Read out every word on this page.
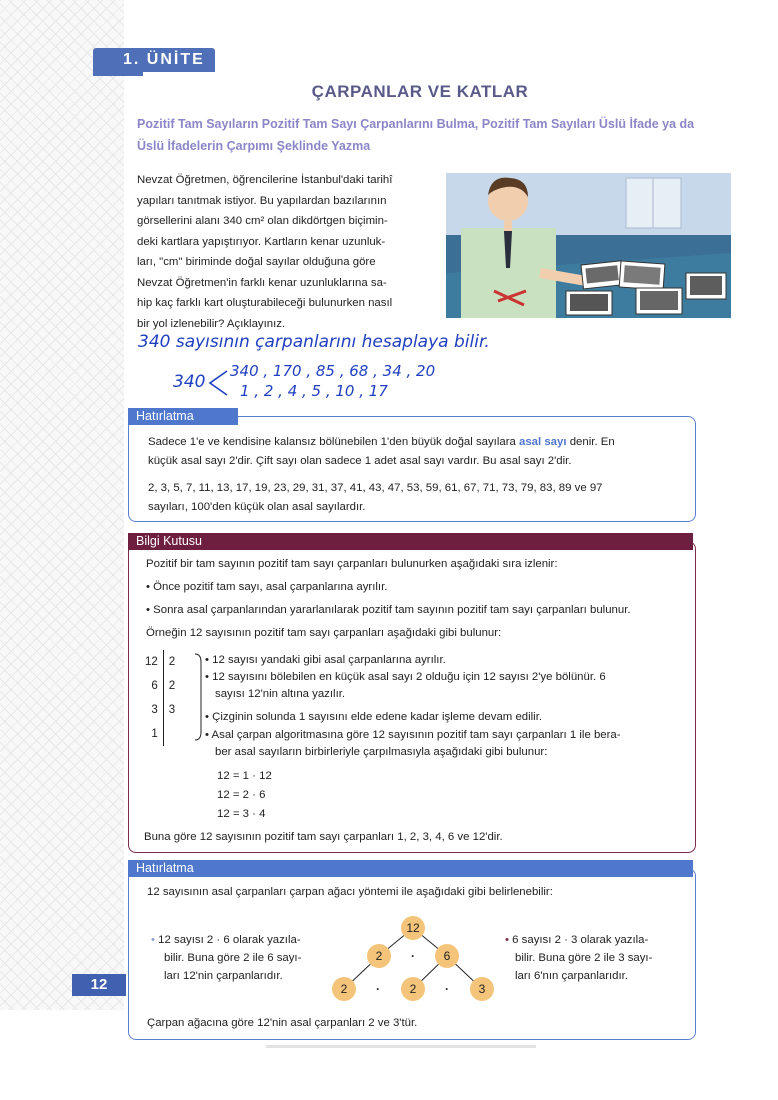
1. ÜNİTE
12
ÇARPANLAR VE KATLAR
Pozitif Tam Sayıların Pozitif Tam Sayı Çarpanlarını Bulma, Pozitif Tam Sayıları Üslü İfade ya da Üslü İfadelerin Çarpımı Şeklinde Yazma
Nevzat Öğretmen, öğrencilerine İstanbul'daki tarihî
yapıları tanıtmak istiyor. Bu yapılardan bazılarının
görsellerini alanı 340 cm² olan dikdörtgen biçimin-
deki kartlara yapıştırıyor. Kartların kenar uzunluk-
ları, "cm" biriminde doğal sayılar olduğuna göre
Nevzat Öğretmen'in farklı kenar uzunluklarına sa-
hip kaç farklı kart oluşturabileceği bulunurken nasıl
bir yol izlenebilir? Açıklayınız.
340 sayısının çarpanlarını hesaplaya bilir.
340
340 , 170 , 85 , 68 , 34 , 20
1 , 2 , 4 , 5 , 10 , 17
Hatırlatma
Sadece 1'e ve kendisine kalansız bölünebilen 1'den büyük doğal sayılara asal sayı denir. En
küçük asal sayı 2'dir. Çift sayı olan sadece 1 adet asal sayı vardır. Bu asal sayı 2'dir.
2, 3, 5, 7, 11, 13, 17, 19, 23, 29, 31, 37, 41, 43, 47, 53, 59, 61, 67, 71, 73, 79, 83, 89 ve 97
sayıları, 100'den küçük olan asal sayılardır.
Bilgi Kutusu
Pozitif bir tam sayının pozitif tam sayı çarpanları bulunurken aşağıdaki sıra izlenir:
• Önce pozitif tam sayı, asal çarpanlarına ayrılır.
• Sonra asal çarpanlarından yararlanılarak pozitif tam sayının pozitif tam sayı çarpanları bulunur.
Örneğin 12 sayısının pozitif tam sayı çarpanları aşağıdaki gibi bulunur:
12	2
6	2
3	3
1	
• 12 sayısı yandaki gibi asal çarpanlarına ayrılır.
• 12 sayısını bölebilen en küçük asal sayı 2 olduğu için 12 sayısı 2'ye bölünür. 6
sayısı 12'nin altına yazılır.
• Çizginin solunda 1 sayısını elde edene kadar işleme devam edilir.
• Asal çarpan algoritmasına göre 12 sayısının pozitif tam sayı çarpanları 1 ile bera-
ber asal sayıların birbirleriyle çarpılmasıyla aşağıdaki gibi bulunur:
12 = 1 · 12
12 = 2 · 6
12 = 3 · 4
Buna göre 12 sayısının pozitif tam sayı çarpanları 1, 2, 3, 4, 6 ve 12'dir.
Hatırlatma
12 sayısının asal çarpanları çarpan ağacı yöntemi ile aşağıdaki gibi belirlenebilir:
• 12 sayısı 2 · 6 olarak yazıla-
bilir. Buna göre 2 ile 6 sayı-
ları 12'nin çarpanlarıdır.
• 6 sayısı 2 · 3 olarak yazıla-
bilir. Buna göre 2 ile 3 sayı-
ları 6'nın çarpanlarıdır.
12
2	6
2	2	3
·
·	·
Çarpan ağacına göre 12'nin asal çarpanları 2 ve 3'tür.
